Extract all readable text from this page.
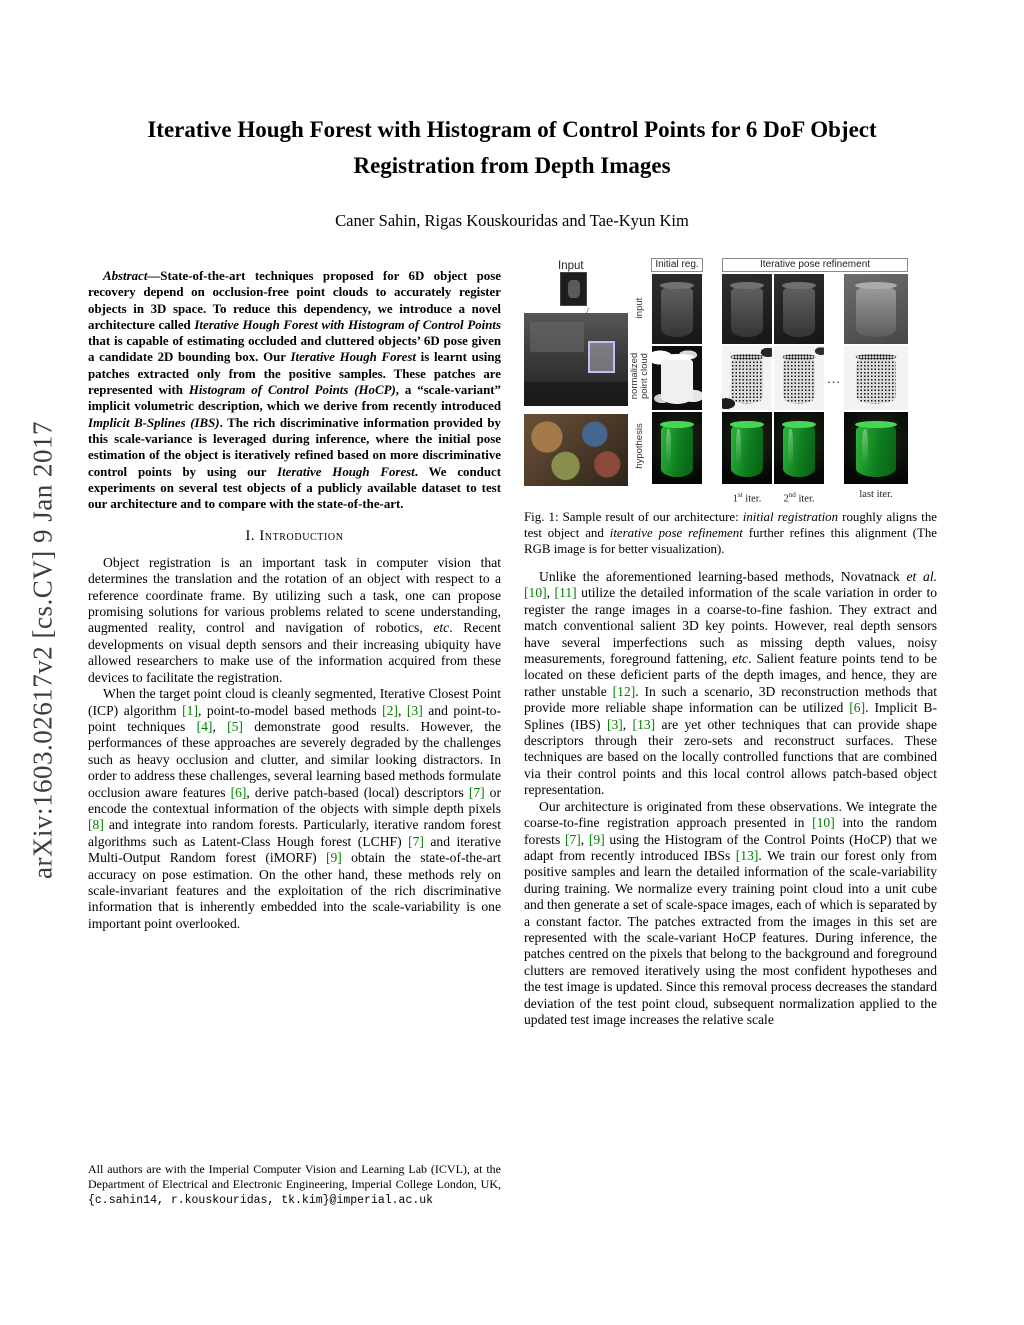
arXiv:1603.02617v2 [cs.CV] 9 Jan 2017
Iterative Hough Forest with Histogram of Control Points for 6 DoF Object Registration from Depth Images
Caner Sahin, Rigas Kouskouridas and Tae-Kyun Kim

Abstract—State-of-the-art techniques proposed for 6D object pose recovery depend on occlusion-free point clouds to accurately register objects in 3D space. To reduce this dependency, we introduce a novel architecture called Iterative Hough Forest with Histogram of Control Points that is capable of estimating occluded and cluttered objects’ 6D pose given a candidate 2D bounding box. Our Iterative Hough Forest is learnt using patches extracted only from the positive samples. These patches are represented with Histogram of Control Points (HoCP), a “scale-variant” implicit volumetric description, which we derive from recently introduced Implicit B-Splines (IBS). The rich discriminative information provided by this scale-variance is leveraged during inference, where the initial pose estimation of the object is iteratively refined based on more discriminative control points by using our Iterative Hough Forest. We conduct experiments on several test objects of a publicly available dataset to test our architecture and to compare with the state-of-the-art.

I. Introduction

Object registration is an important task in computer vision that determines the translation and the rotation of an object with respect to a reference coordinate frame. By utilizing such a task, one can propose promising solutions for various problems related to scene understanding, augmented reality, control and navigation of robotics, etc. Recent developments on visual depth sensors and their increasing ubiquity have allowed researchers to make use of the information acquired from these devices to facilitate the registration.

When the target point cloud is cleanly segmented, Iterative Closest Point (ICP) algorithm [1], point-to-model based methods [2], [3] and point-to-point techniques [4], [5] demonstrate good results. However, the performances of these approaches are severely degraded by the challenges such as heavy occlusion and clutter, and similar looking distractors. In order to address these challenges, several learning based methods formulate occlusion aware features [6], derive patch-based (local) descriptors [7] or encode the contextual information of the objects with simple depth pixels [8] and integrate into random forests. Particularly, iterative random forest algorithms such as Latent-Class Hough forest (LCHF) [7] and iterative Multi-Output Random forest (iMORF) [9] obtain the state-of-the-art accuracy on pose estimation. On the other hand, these methods rely on scale-invariant features and the exploitation of the rich discriminative information that is inherently embedded into the scale-variability is one important point overlooked.

All authors are with the Imperial Computer Vision and Learning Lab (ICVL), at the Department of Electrical and Electronic Engineering, Imperial College London, UK, {c.sahin14, r.kouskouridas, tk.kim}@imperial.ac.uk
Input
input
normalized point cloud
hypothesis
Initial reg.	Iterative pose refinement
...
1st iter.	2nd iter.	last iter.

Fig. 1: Sample result of our architecture: initial registration roughly aligns the test object and iterative pose refinement further refines this alignment (The RGB image is for better visualization).

Unlike the aforementioned learning-based methods, Novatnack et al. [10], [11] utilize the detailed information of the scale variation in order to register the range images in a coarse-to-fine fashion. They extract and match conventional salient 3D key points. However, real depth sensors have several imperfections such as missing depth values, noisy measurements, foreground fattening, etc. Salient feature points tend to be located on these deficient parts of the depth images, and hence, they are rather unstable [12]. In such a scenario, 3D reconstruction methods that provide more reliable shape information can be utilized [6]. Implicit B-Splines (IBS) [3], [13] are yet other techniques that can provide shape descriptors through their zero-sets and reconstruct surfaces. These techniques are based on the locally controlled functions that are combined via their control points and this local control allows patch-based object representation.

Our architecture is originated from these observations. We integrate the coarse-to-fine registration approach presented in [10] into the random forests [7], [9] using the Histogram of the Control Points (HoCP) that we adapt from recently introduced IBSs [13]. We train our forest only from positive samples and learn the detailed information of the scale-variability during training. We normalize every training point cloud into a unit cube and then generate a set of scale-space images, each of which is separated by a constant factor. The patches extracted from the images in this set are represented with the scale-variant HoCP features. During inference, the patches centred on the pixels that belong to the background and foreground clutters are removed iteratively using the most confident hypotheses and the test image is updated. Since this removal process decreases the standard deviation of the test point cloud, subsequent normalization applied to the updated test image increases the relative scale
